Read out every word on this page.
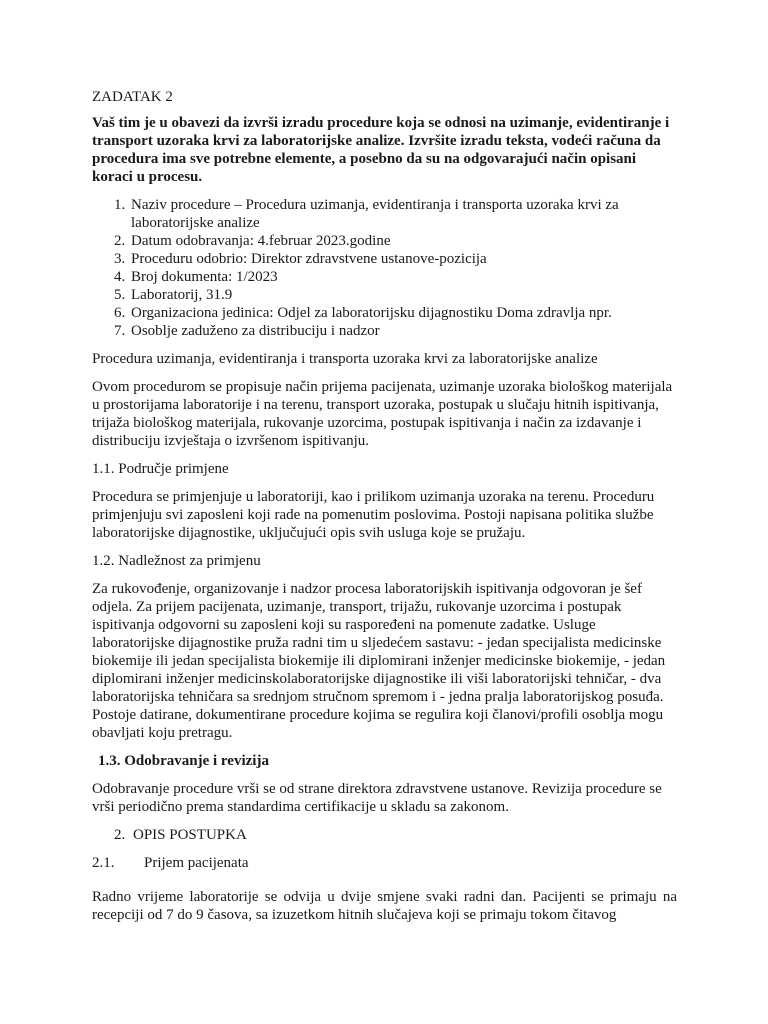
ZADATAK 2

Vaš tim je u obavezi da izvrši izradu procedure koja se odnosi na uzimanje, evidentiranje i transport uzoraka krvi za laboratorijske analize. Izvršite izradu teksta, vodeći računa da procedura ima sve potrebne elemente, a posebno da su na odgovarajući način opisani koraci u procesu.

1. Naziv procedure – Procedura uzimanja, evidentiranja i transporta uzoraka krvi za laboratorijske analize
2. Datum odobravanja: 4.februar 2023.godine
3. Proceduru odobrio: Direktor zdravstvene ustanove-pozicija
4. Broj dokumenta: 1/2023
5. Laboratorij, 31.9
6. Organizaciona jedinica: Odjel za laboratorijsku dijagnostiku Doma zdravlja npr.
7. Osoblje zaduženo za distribuciju i nadzor

Procedura uzimanja, evidentiranja i transporta uzoraka krvi za laboratorijske analize

Ovom procedurom se propisuje način prijema pacijenata, uzimanje uzoraka biološkog materijala u prostorijama laboratorije i na terenu, transport uzoraka, postupak u slučaju hitnih ispitivanja, trijaža biološkog materijala, rukovanje uzorcima, postupak ispitivanja i način za izdavanje i distribuciju izvještaja o izvršenom ispitivanju.

1.1. Područje primjene

Procedura se primjenjuje u laboratoriji, kao i prilikom uzimanja uzoraka na terenu. Proceduru primjenjuju svi zaposleni koji rade na pomenutim poslovima. Postoji napisana politika službe laboratorijske dijagnostike, uključujući opis svih usluga koje se pružaju.

1.2. Nadležnost za primjenu

Za rukovođenje, organizovanje i nadzor procesa laboratorijskih ispitivanja odgovoran je šef odjela. Za prijem pacijenata, uzimanje, transport, trijažu, rukovanje uzorcima i postupak ispitivanja odgovorni su zaposleni koji su raspoređeni na pomenute zadatke. Usluge laboratorijske dijagnostike pruža radni tim u sljedećem sastavu: - jedan specijalista medicinske biokemije ili jedan specijalista biokemije ili diplomirani inženjer medicinske biokemije, - jedan diplomirani inženjer medicinskolaboratorijske dijagnostike ili viši laboratorijski tehničar, - dva laboratorijska tehničara sa srednjom stručnom spremom i - jedna pralja laboratorijskog posuđa. Postoje datirane, dokumentirane procedure kojima se regulira koji članovi/profili osoblja mogu obavljati koju pretragu.

1.3. Odobravanje i revizija

Odobravanje procedure vrši se od strane direktora zdravstvene ustanove. Revizija procedure se vrši periodično prema standardima certifikacije u skladu sa zakonom.

2. OPIS POSTUPKA

2.1. Prijem pacijenata

Radno vrijeme laboratorije se odvija u dvije smjene svaki radni dan. Pacijenti se primaju na recepciji od 7 do 9 časova, sa izuzetkom hitnih slučajeva koji se primaju tokom čitavog
